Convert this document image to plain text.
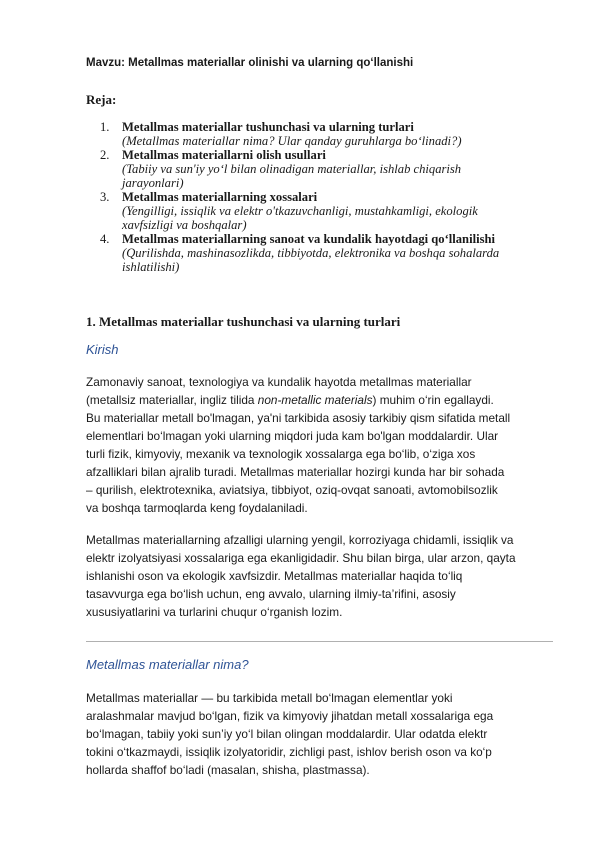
Mavzu: Metallmas materiallar olinishi va ularning qo‘llanishi
Reja:
1. Metallmas materiallar tushunchasi va ularning turlari
(Metallmas materiallar nima? Ular qanday guruhlarga bo‘linadi?)
2. Metallmas materiallarni olish usullari
(Tabiiy va sun'iy yo‘l bilan olinadigan materiallar, ishlab chiqarish
jarayonlari)
3. Metallmas materiallarning xossalari
(Yengilligi, issiqlik va elektr o'tkazuvchanligi, mustahkamligi, ekologik
xavfsizligi va boshqalar)
4. Metallmas materiallarning sanoat va kundalik hayotdagi qo‘llanilishi
(Qurilishda, mashinasozlikda, tibbiyotda, elektronika va boshqa sohalarda
ishlatilishi)
1. Metallmas materiallar tushunchasi va ularning turlari
Kirish

Zamonaviy sanoat, texnologiya va kundalik hayotda metallmas materiallar
(metallsiz materiallar, ingliz tilida non-metallic materials) muhim o‘rin egallaydi.
Bu materiallar metall bo'lmagan, ya'ni tarkibida asosiy tarkibiy qism sifatida metall
elementlari bo‘lmagan yoki ularning miqdori juda kam bo'lgan moddalardir. Ular
turli fizik, kimyoviy, mexanik va texnologik xossalarga ega bo‘lib, o‘ziga xos
afzalliklari bilan ajralib turadi. Metallmas materiallar hozirgi kunda har bir sohada
– qurilish, elektrotexnika, aviatsiya, tibbiyot, oziq-ovqat sanoati, avtomobilsozlik
va boshqa tarmoqlarda keng foydalaniladi.

Metallmas materiallarning afzalligi ularning yengil, korroziyaga chidamli, issiqlik va
elektr izolyatsiyasi xossalariga ega ekanligidadir. Shu bilan birga, ular arzon, qayta
ishlanishi oson va ekologik xavfsizdir. Metallmas materiallar haqida to‘liq
tasavvurga ega bo‘lish uchun, eng avvalo, ularning ilmiy-ta’rifini, asosiy
xususiyatlarini va turlarini chuqur o‘rganish lozim.

Metallmas materiallar nima?

Metallmas materiallar — bu tarkibida metall bo‘lmagan elementlar yoki
aralashmalar mavjud bo‘lgan, fizik va kimyoviy jihatdan metall xossalariga ega
bo‘lmagan, tabiiy yoki sun’iy yo‘l bilan olingan moddalardir. Ular odatda elektr
tokini o‘tkazmaydi, issiqlik izolyatoridir, zichligi past, ishlov berish oson va ko‘p
hollarda shaffof bo‘ladi (masalan, shisha, plastmassa).
